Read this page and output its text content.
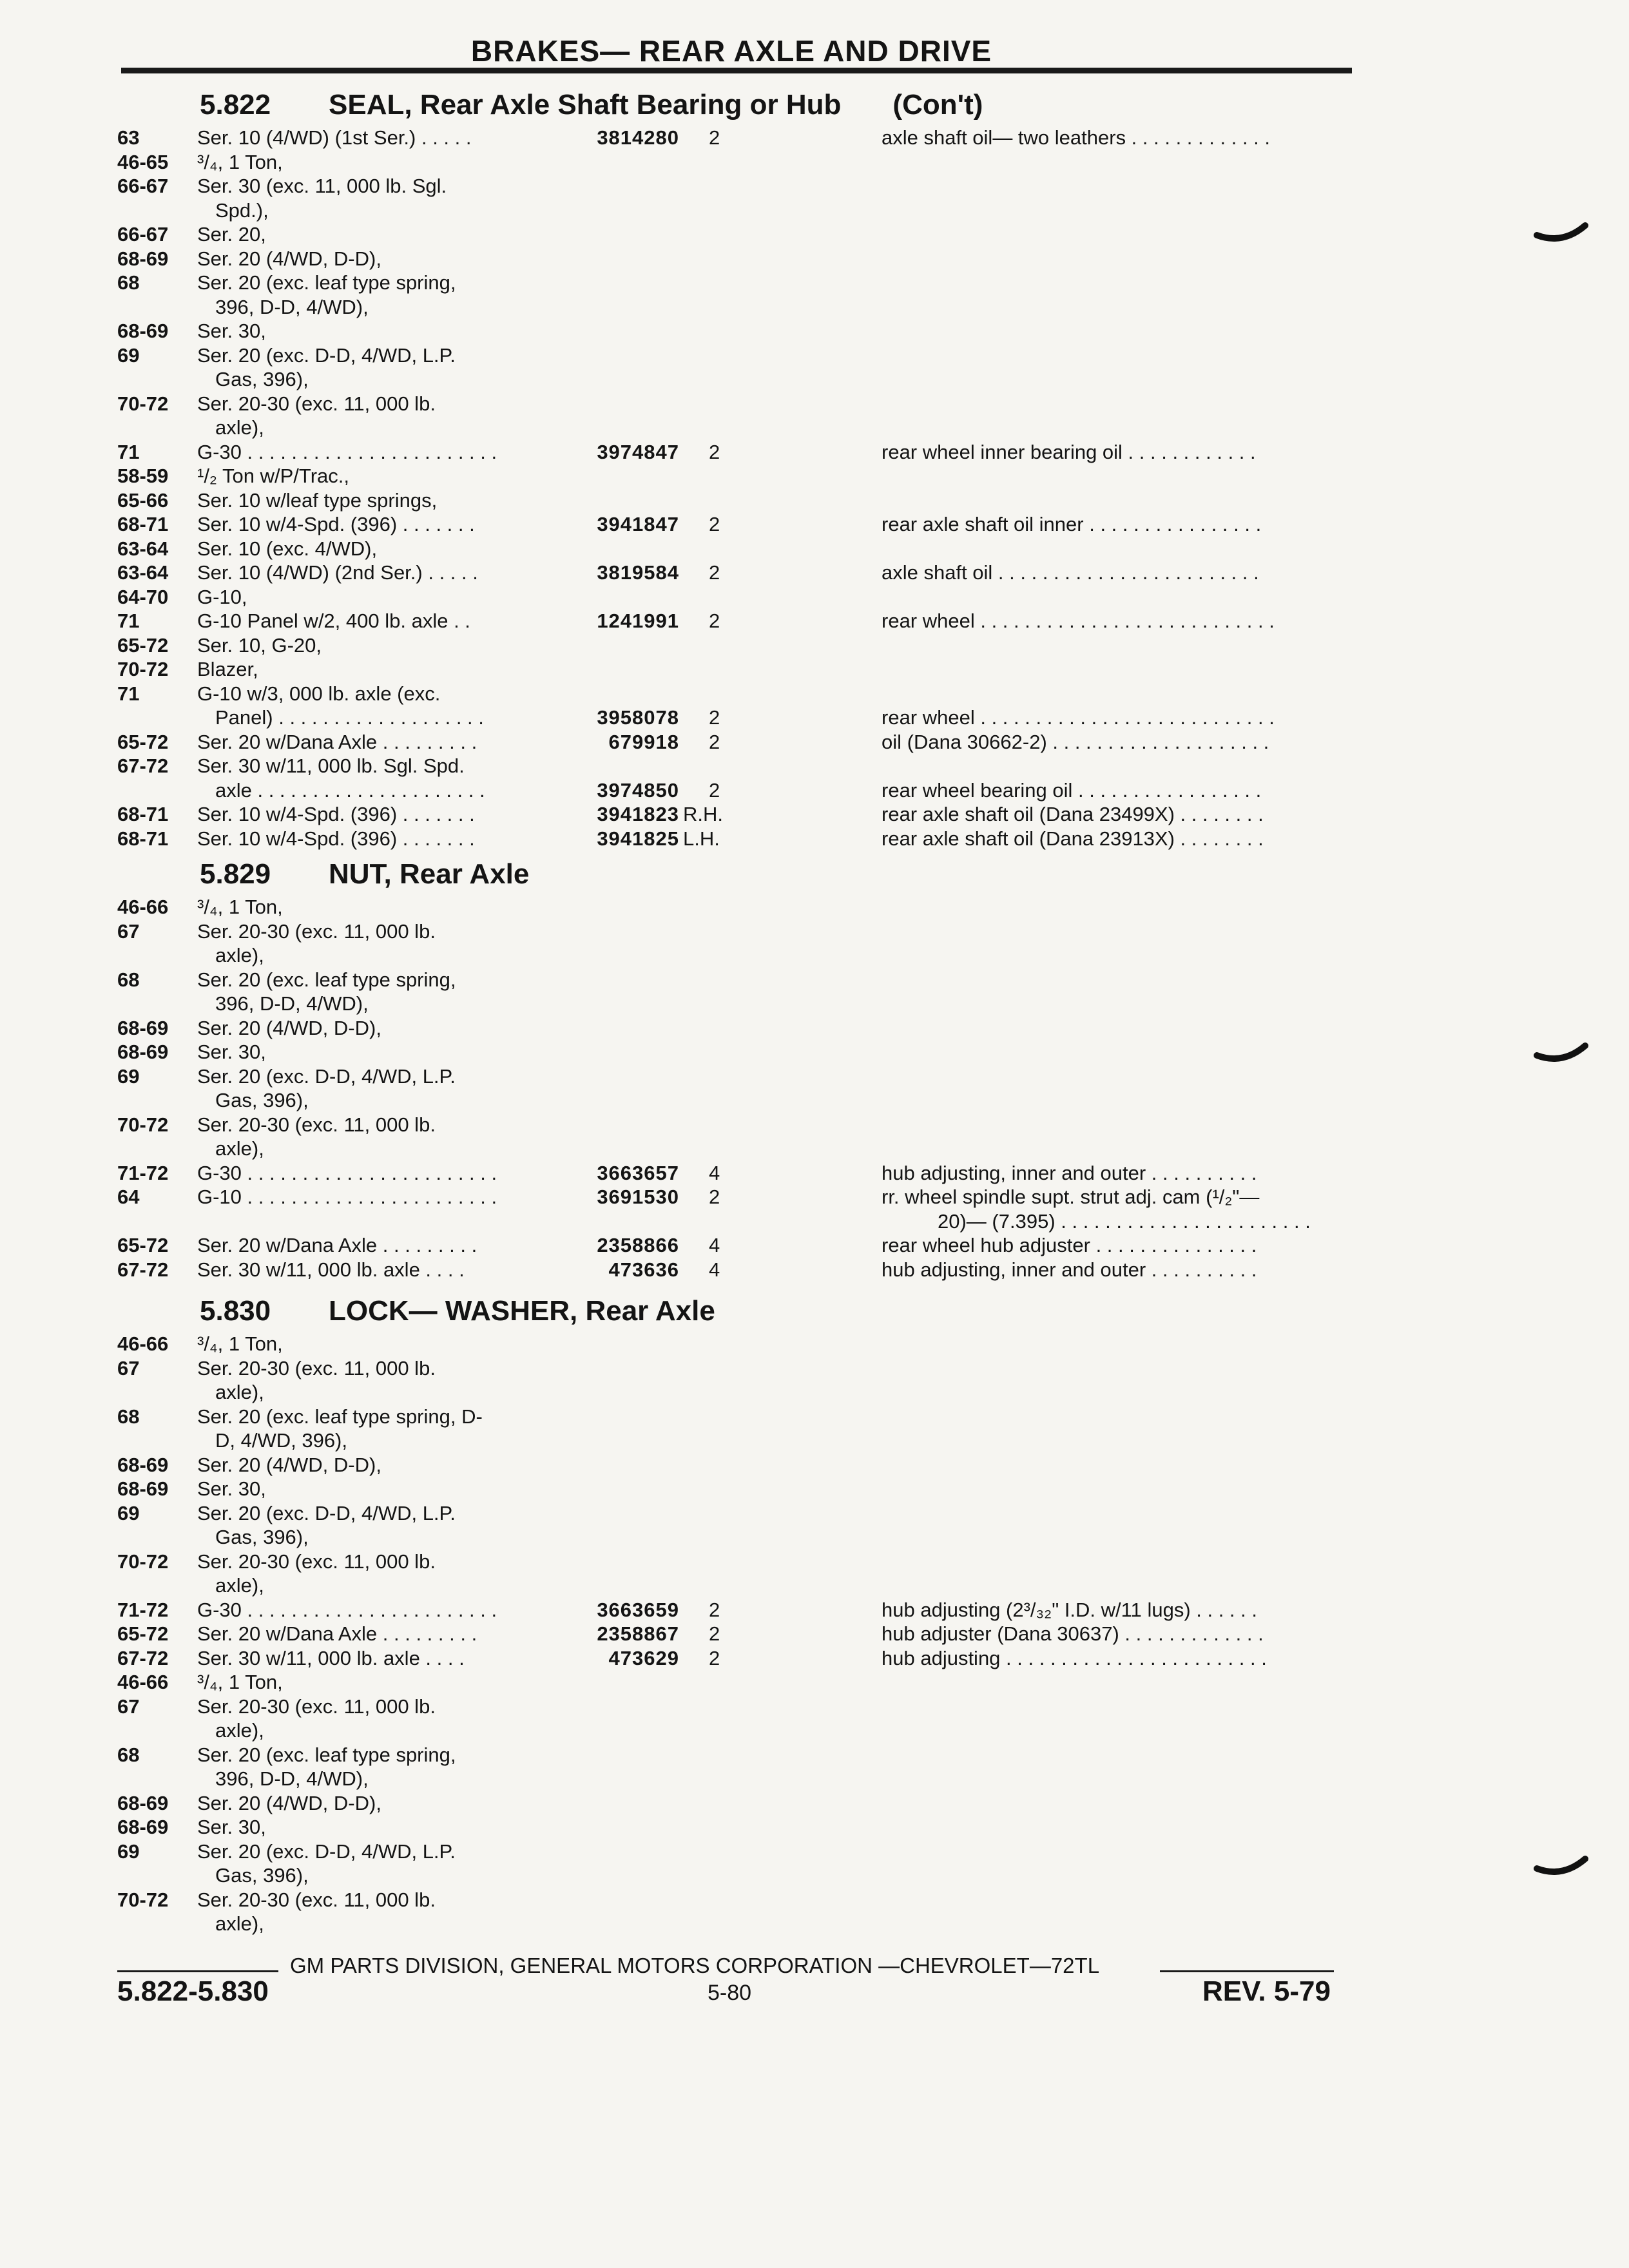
BRAKES— REAR AXLE AND DRIVE
5.822 SEAL, Rear Axle Shaft Bearing or Hub (Con't)
63	Ser. 10 (4/WD) (1st Ser.) . . . . .	3814280 2	axle shaft oil— two leathers . . . . . . . . . . . . .
46-65 ³/₄, 1 Ton,
66-67 Ser. 30 (exc. 11, 000 lb. Sgl.
Spd.),
66-67 Ser. 20,
68-69 Ser. 20 (4/WD, D-D),
68	Ser. 20 (exc. leaf type spring,
396, D-D, 4/WD),
68-69 Ser. 30,
69	Ser. 20 (exc. D-D, 4/WD, L.P.
Gas, 396),
70-72 Ser. 20-30 (exc. 11, 000 lb.
axle),
71	G-30 . . . . . . . . . . . . . . . . . . . . . . .	3974847 2	rear wheel inner bearing oil . . . . . . . . . . . .
58-59 ¹/₂ Ton w/P/Trac.,
65-66 Ser. 10 w/leaf type springs,
68-71 Ser. 10 w/4-Spd. (396) . . . . . . .	3941847 2	rear axle shaft oil inner . . . . . . . . . . . . . . . .
63-64 Ser. 10 (exc. 4/WD),
63-64 Ser. 10 (4/WD) (2nd Ser.) . . . . .	3819584 2	axle shaft oil . . . . . . . . . . . . . . . . . . . . . . . .
64-70 G-10,
71	G-10 Panel w/2, 400 lb. axle . .	1241991 2	rear wheel . . . . . . . . . . . . . . . . . . . . . . . . . . .
65-72 Ser. 10, G-20,
70-72 Blazer,
71	G-10 w/3, 000 lb. axle (exc.
Panel) . . . . . . . . . . . . . . . . . . .	3958078 2	rear wheel . . . . . . . . . . . . . . . . . . . . . . . . . . .
65-72 Ser. 20 w/Dana Axle . . . . . . . . .	679918 2	oil (Dana 30662-2) . . . . . . . . . . . . . . . . . . . .
67-72 Ser. 30 w/11, 000 lb. Sgl. Spd.
axle . . . . . . . . . . . . . . . . . . . . .	3974850 2	rear wheel bearing oil . . . . . . . . . . . . . . . . .
68-71 Ser. 10 w/4-Spd. (396) . . . . . . .	3941823 R.H.	rear axle shaft oil (Dana 23499X) . . . . . . . .
68-71 Ser. 10 w/4-Spd. (396) . . . . . . .	3941825 L.H.	rear axle shaft oil (Dana 23913X) . . . . . . . .
5.829 NUT, Rear Axle
46-66 ³/₄, 1 Ton,
67	Ser. 20-30 (exc. 11, 000 lb.
axle),
68	Ser. 20 (exc. leaf type spring,
396, D-D, 4/WD),
68-69 Ser. 20 (4/WD, D-D),
68-69 Ser. 30,
69	Ser. 20 (exc. D-D, 4/WD, L.P.
Gas, 396),
70-72 Ser. 20-30 (exc. 11, 000 lb.
axle),
71-72 G-30 . . . . . . . . . . . . . . . . . . . . . . .	3663657 4	hub adjusting, inner and outer . . . . . . . . . .
64	G-10 . . . . . . . . . . . . . . . . . . . . . . .	3691530 2	rr. wheel spindle supt. strut adj. cam (¹/₂"—
20)— (7.395) . . . . . . . . . . . . . . . . . . . . . . .
65-72 Ser. 20 w/Dana Axle . . . . . . . . .	2358866 4	rear wheel hub adjuster . . . . . . . . . . . . . . .
67-72 Ser. 30 w/11, 000 lb. axle . . . .	473636 4	hub adjusting, inner and outer . . . . . . . . . .
5.830 LOCK— WASHER, Rear Axle
46-66 ³/₄, 1 Ton,
67	Ser. 20-30 (exc. 11, 000 lb.
axle),
68	Ser. 20 (exc. leaf type spring, D-
D, 4/WD, 396),
68-69 Ser. 20 (4/WD, D-D),
68-69 Ser. 30,
69	Ser. 20 (exc. D-D, 4/WD, L.P.
Gas, 396),
70-72 Ser. 20-30 (exc. 11, 000 lb.
axle),
71-72 G-30 . . . . . . . . . . . . . . . . . . . . . . .	3663659 2	hub adjusting (2³/₃₂" I.D. w/11 lugs) . . . . . .
65-72 Ser. 20 w/Dana Axle . . . . . . . . .	2358867 2	hub adjuster (Dana 30637) . . . . . . . . . . . . .
67-72 Ser. 30 w/11, 000 lb. axle . . . .	473629 2	hub adjusting . . . . . . . . . . . . . . . . . . . . . . . .
46-66 ³/₄, 1 Ton,
67	Ser. 20-30 (exc. 11, 000 lb.
axle),
68	Ser. 20 (exc. leaf type spring,
396, D-D, 4/WD),
68-69 Ser. 20 (4/WD, D-D),
68-69 Ser. 30,
69	Ser. 20 (exc. D-D, 4/WD, L.P.
Gas, 396),
70-72 Ser. 20-30 (exc. 11, 000 lb.
axle),
GM PARTS DIVISION, GENERAL MOTORS CORPORATION —CHEVROLET—72TL
5.822-5.830	5-80	REV. 5-79
